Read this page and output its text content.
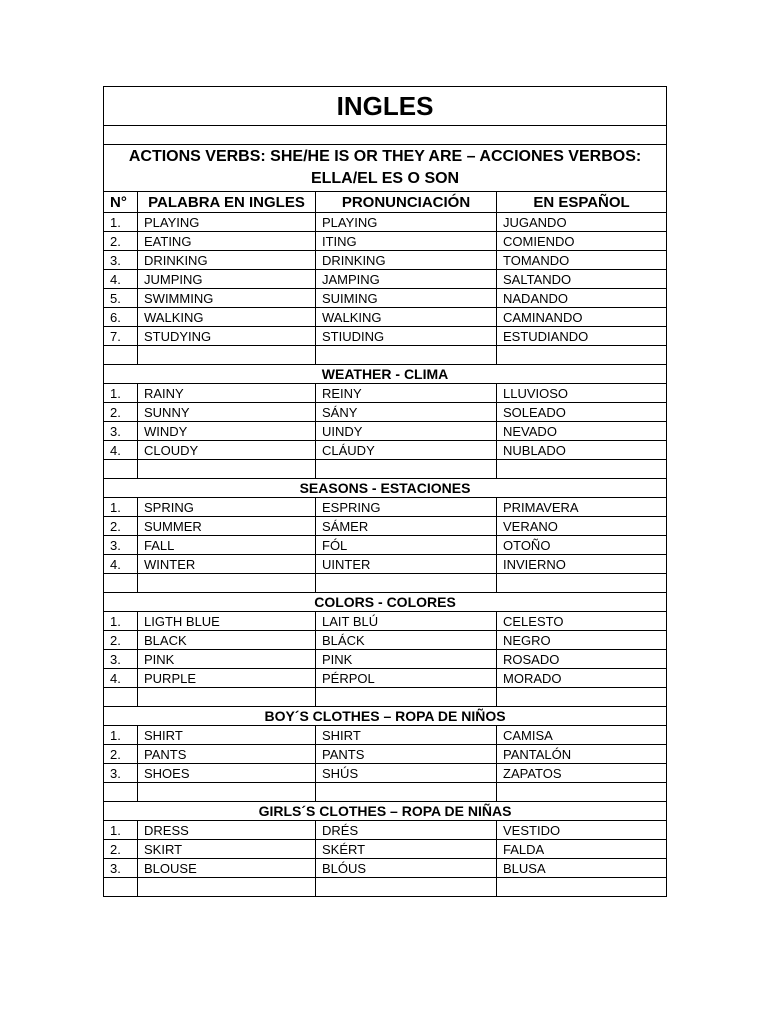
INGLES			

ACTIONS VERBS: SHE/HE IS OR THEY ARE – ACCIONES VERBOS: ELLA/EL ES O SON			
N°	PALABRA EN INGLES	PRONUNCIACIÓN	EN ESPAÑOL
1.	PLAYING	PLAYING	JUGANDO
2.	EATING	ITING	COMIENDO
3.	DRINKING	DRINKING	TOMANDO
4.	JUMPING	JAMPING	SALTANDO
5.	SWIMMING	SUIMING	NADANDO
6.	WALKING	WALKING	CAMINANDO
7.	STUDYING	STIUDING	ESTUDIANDO

WEATHER - CLIMA			
1.	RAINY	REINY	LLUVIOSO
2.	SUNNY	SÁNY	SOLEADO
3.	WINDY	UINDY	NEVADO
4.	CLOUDY	CLÁUDY	NUBLADO

SEASONS - ESTACIONES			
1.	SPRING	ESPRING	PRIMAVERA
2.	SUMMER	SÁMER	VERANO
3.	FALL	FÓL	OTOÑO
4.	WINTER	UINTER	INVIERNO

COLORS - COLORES			
1.	LIGTH BLUE	LAIT BLÚ	CELESTO
2.	BLACK	BLÁCK	NEGRO
3.	PINK	PINK	ROSADO
4.	PURPLE	PÉRPOL	MORADO

BOY´S CLOTHES – ROPA DE NIÑOS			
1.	SHIRT	SHIRT	CAMISA
2.	PANTS	PANTS	PANTALÓN
3.	SHOES	SHÚS	ZAPATOS

GIRLS´S CLOTHES – ROPA DE NIÑAS			
1.	DRESS	DRÉS	VESTIDO
2.	SKIRT	SKÉRT	FALDA
3.	BLOUSE	BLÓUS	BLUSA
